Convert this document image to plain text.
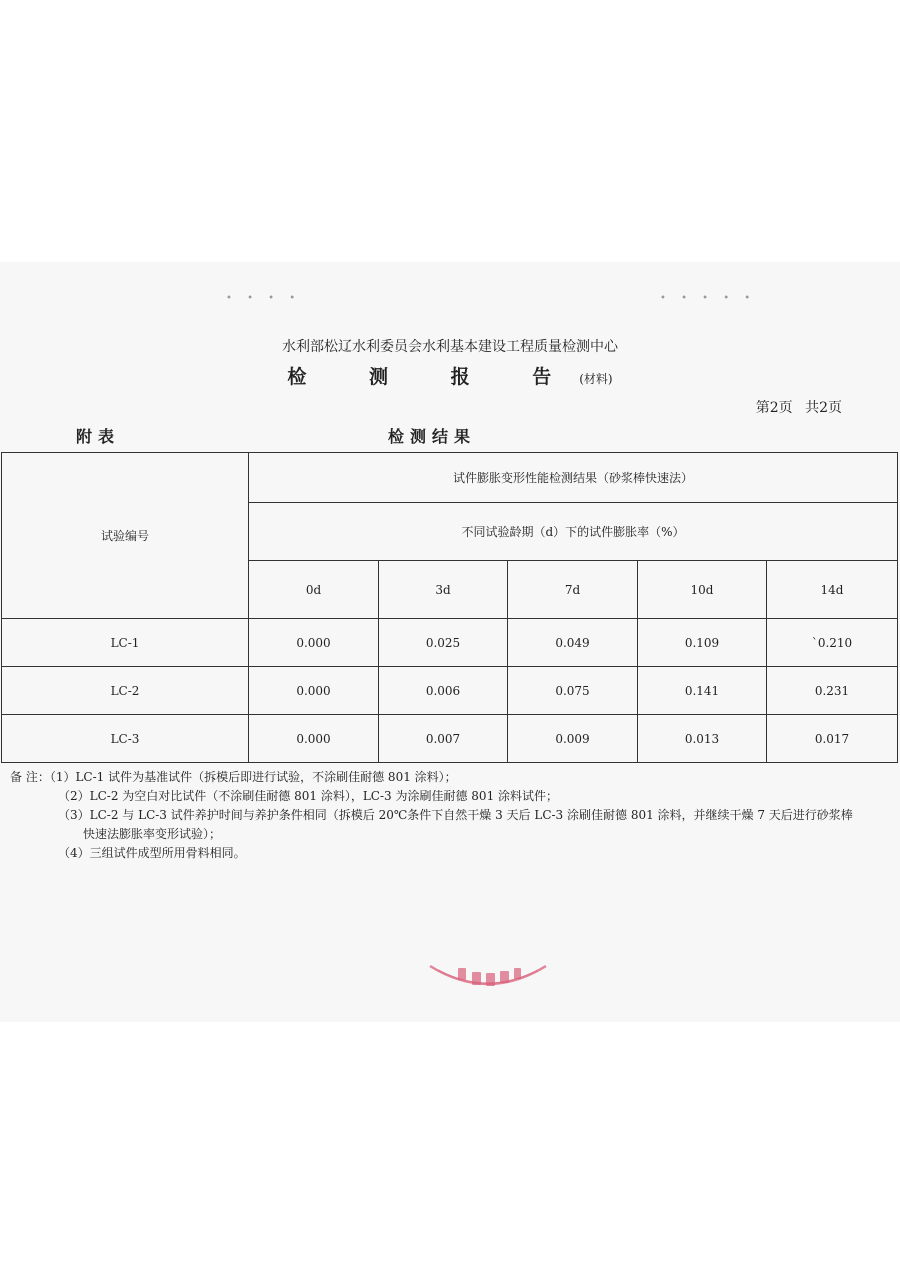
• • • •	• • • • •
水利部松辽水利委员会水利基本建设工程质量检测中心
检 测 报 告(材料)
第2页 共2页
附表	检测结果
试验编号	试件膨胀变形性能检测结果（砂浆棒快速法）				
	不同试验龄期（d）下的试件膨胀率（%）				
	0d	3d	7d	10d	14d
LC-1	0.000	0.025	0.049	0.109	`0.210
LC-2	0.000	0.006	0.075	0.141	0.231
LC-3	0.000	0.007	0.009	0.013	0.017
备 注：（1）LC-1 试件为基准试件（拆模后即进行试验，不涂刷佳耐德 801 涂料）；
（2）LC-2 为空白对比试件（不涂刷佳耐德 801 涂料），LC-3 为涂刷佳耐德 801 涂料试件；
（3）LC-2 与 LC-3 试件养护时间与养护条件相同（拆模后 20℃条件下自然干燥 3 天后 LC-3 涂刷佳耐德 801 涂料，并继续干燥 7 天后进行砂浆棒
快速法膨胀率变形试验）；
（4）三组试件成型所用骨料相同。
